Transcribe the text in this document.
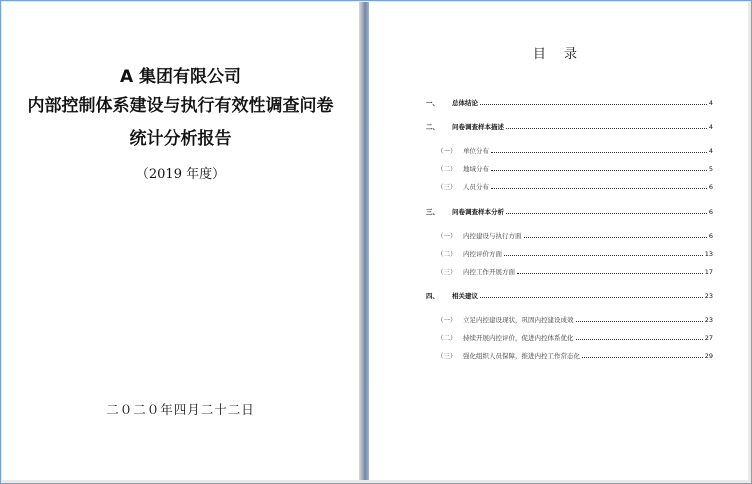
A 集团有限公司
内部控制体系建设与执行有效性调查问卷
统计分析报告
（2019 年度）
二０二０年四月二十二日
目 录
一、	总体结论	4
二、	问卷调查样本描述	4
（一）	单位分布	4
（二）	地域分布	5
（三）	人员分布	6
三、	问卷调查样本分析	6
（一）	内控建设与执行方面	6
（二）	内控评价方面	13
（三）	内控工作开展方面	17
四、	相关建议	23
（一）	立足内控建设现状，巩固内控建设成效	23
（二）	持续开展内控评价，促进内控体系优化	27
（三）	强化组织人员保障，推进内控工作常态化	29
